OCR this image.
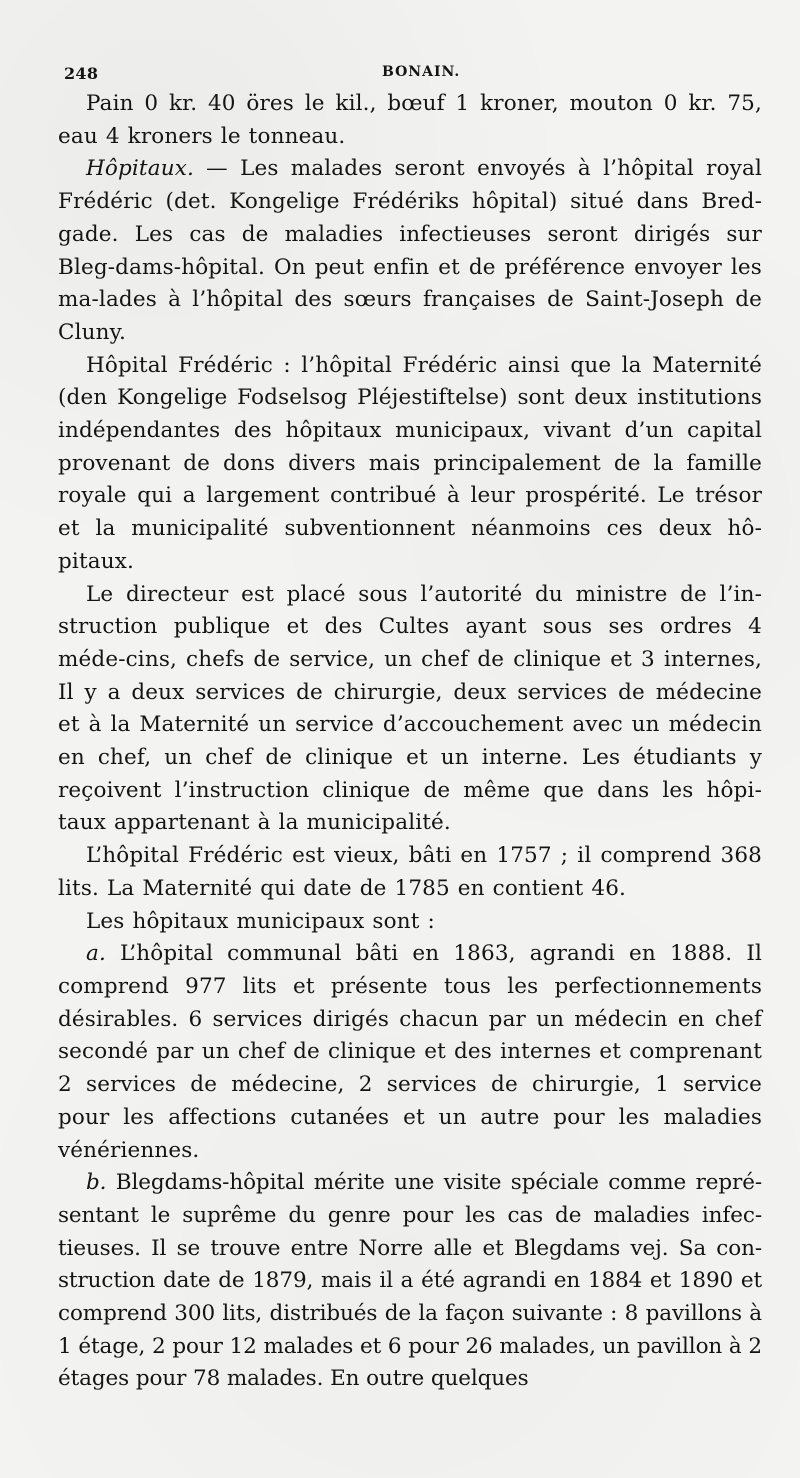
248	BONAIN.

Pain 0 kr. 40 öres le kil., bœuf 1 kroner, mouton 0 kr. 75, eau 4 kroners le tonneau.

Hôpitaux. — Les malades seront envoyés à l’hôpital royal Frédéric (det. Kongelige Frédériks hôpital) situé dans Bred-gade. Les cas de maladies infectieuses seront dirigés sur Bleg-dams-hôpital. On peut enfin et de préférence envoyer les ma-lades à l’hôpital des sœurs françaises de Saint-Joseph de Cluny.

Hôpital Frédéric : l’hôpital Frédéric ainsi que la Maternité (den Kongelige Fodselsog Pléjestiftelse) sont deux institutions indépendantes des hôpitaux municipaux, vivant d’un capital provenant de dons divers mais principalement de la famille royale qui a largement contribué à leur prospérité. Le trésor et la municipalité subventionnent néanmoins ces deux hô-pitaux.

Le directeur est placé sous l’autorité du ministre de l’in-struction publique et des Cultes ayant sous ses ordres 4 méde-cins, chefs de service, un chef de clinique et 3 internes, Il y a deux services de chirurgie, deux services de médecine et à la Maternité un service d’accouchement avec un médecin en chef, un chef de clinique et un interne. Les étudiants y reçoivent l’instruction clinique de même que dans les hôpi-taux appartenant à la municipalité.

L’hôpital Frédéric est vieux, bâti en 1757 ; il comprend 368 lits. La Maternité qui date de 1785 en contient 46.

Les hôpitaux municipaux sont :

a. L’hôpital communal bâti en 1863, agrandi en 1888. Il comprend 977 lits et présente tous les perfectionnements désirables. 6 services dirigés chacun par un médecin en chef secondé par un chef de clinique et des internes et comprenant 2 services de médecine, 2 services de chirurgie, 1 service pour les affections cutanées et un autre pour les maladies vénériennes.

b. Blegdams-hôpital mérite une visite spéciale comme repré-sentant le suprême du genre pour les cas de maladies infec-tieuses. Il se trouve entre Norre alle et Blegdams vej. Sa con-struction date de 1879, mais il a été agrandi en 1884 et 1890 et comprend 300 lits, distribués de la façon suivante : 8 pavillons à 1 étage, 2 pour 12 malades et 6 pour 26 malades, un pavillon à 2 étages pour 78 malades. En outre quelques
